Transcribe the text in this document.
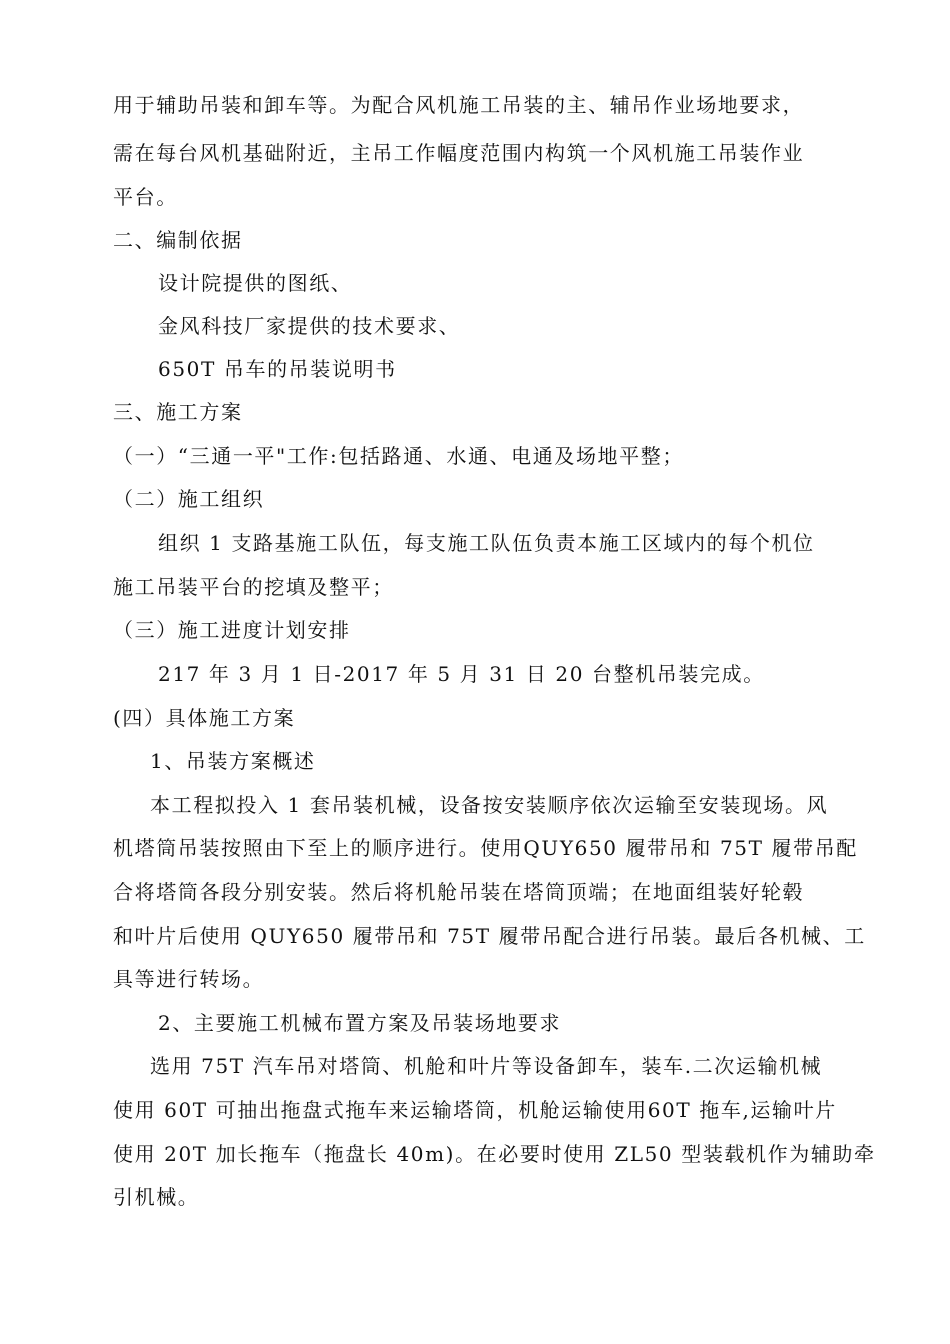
用于辅助吊装和卸车等。为配合风机施工吊装的主、辅吊作业场地要求，
需在每台风机基础附近，主吊工作幅度范围内构筑一个风机施工吊装作业
平台。
二、编制依据
设计院提供的图纸、
金风科技厂家提供的技术要求、
650T 吊车的吊装说明书
三、施工方案
（一）“三通一平"工作:包括路通、水通、电通及场地平整；
（二）施工组织
组织 1 支路基施工队伍，每支施工队伍负责本施工区域内的每个机位
施工吊装平台的挖填及整平；
（三）施工进度计划安排
217 年 3 月 1 日-2017 年 5 月 31 日 20 台整机吊装完成。
(四）具体施工方案
1、吊装方案概述
本工程拟投入 1 套吊装机械，设备按安装顺序依次运输至安装现场。风
机塔筒吊装按照由下至上的顺序进行。使用QUY650 履带吊和 75T 履带吊配
合将塔筒各段分别安装。然后将机舱吊装在塔筒顶端；在地面组装好轮毂
和叶片后使用 QUY650 履带吊和 75T 履带吊配合进行吊装。最后各机械、工
具等进行转场。
2、主要施工机械布置方案及吊装场地要求
选用 75T 汽车吊对塔筒、机舱和叶片等设备卸车，装车.二次运输机械
使用 60T 可抽出拖盘式拖车来运输塔筒，机舱运输使用60T 拖车,运输叶片
使用 20T 加长拖车（拖盘长 40m)。在必要时使用 ZL50 型装载机作为辅助牵
引机械。
